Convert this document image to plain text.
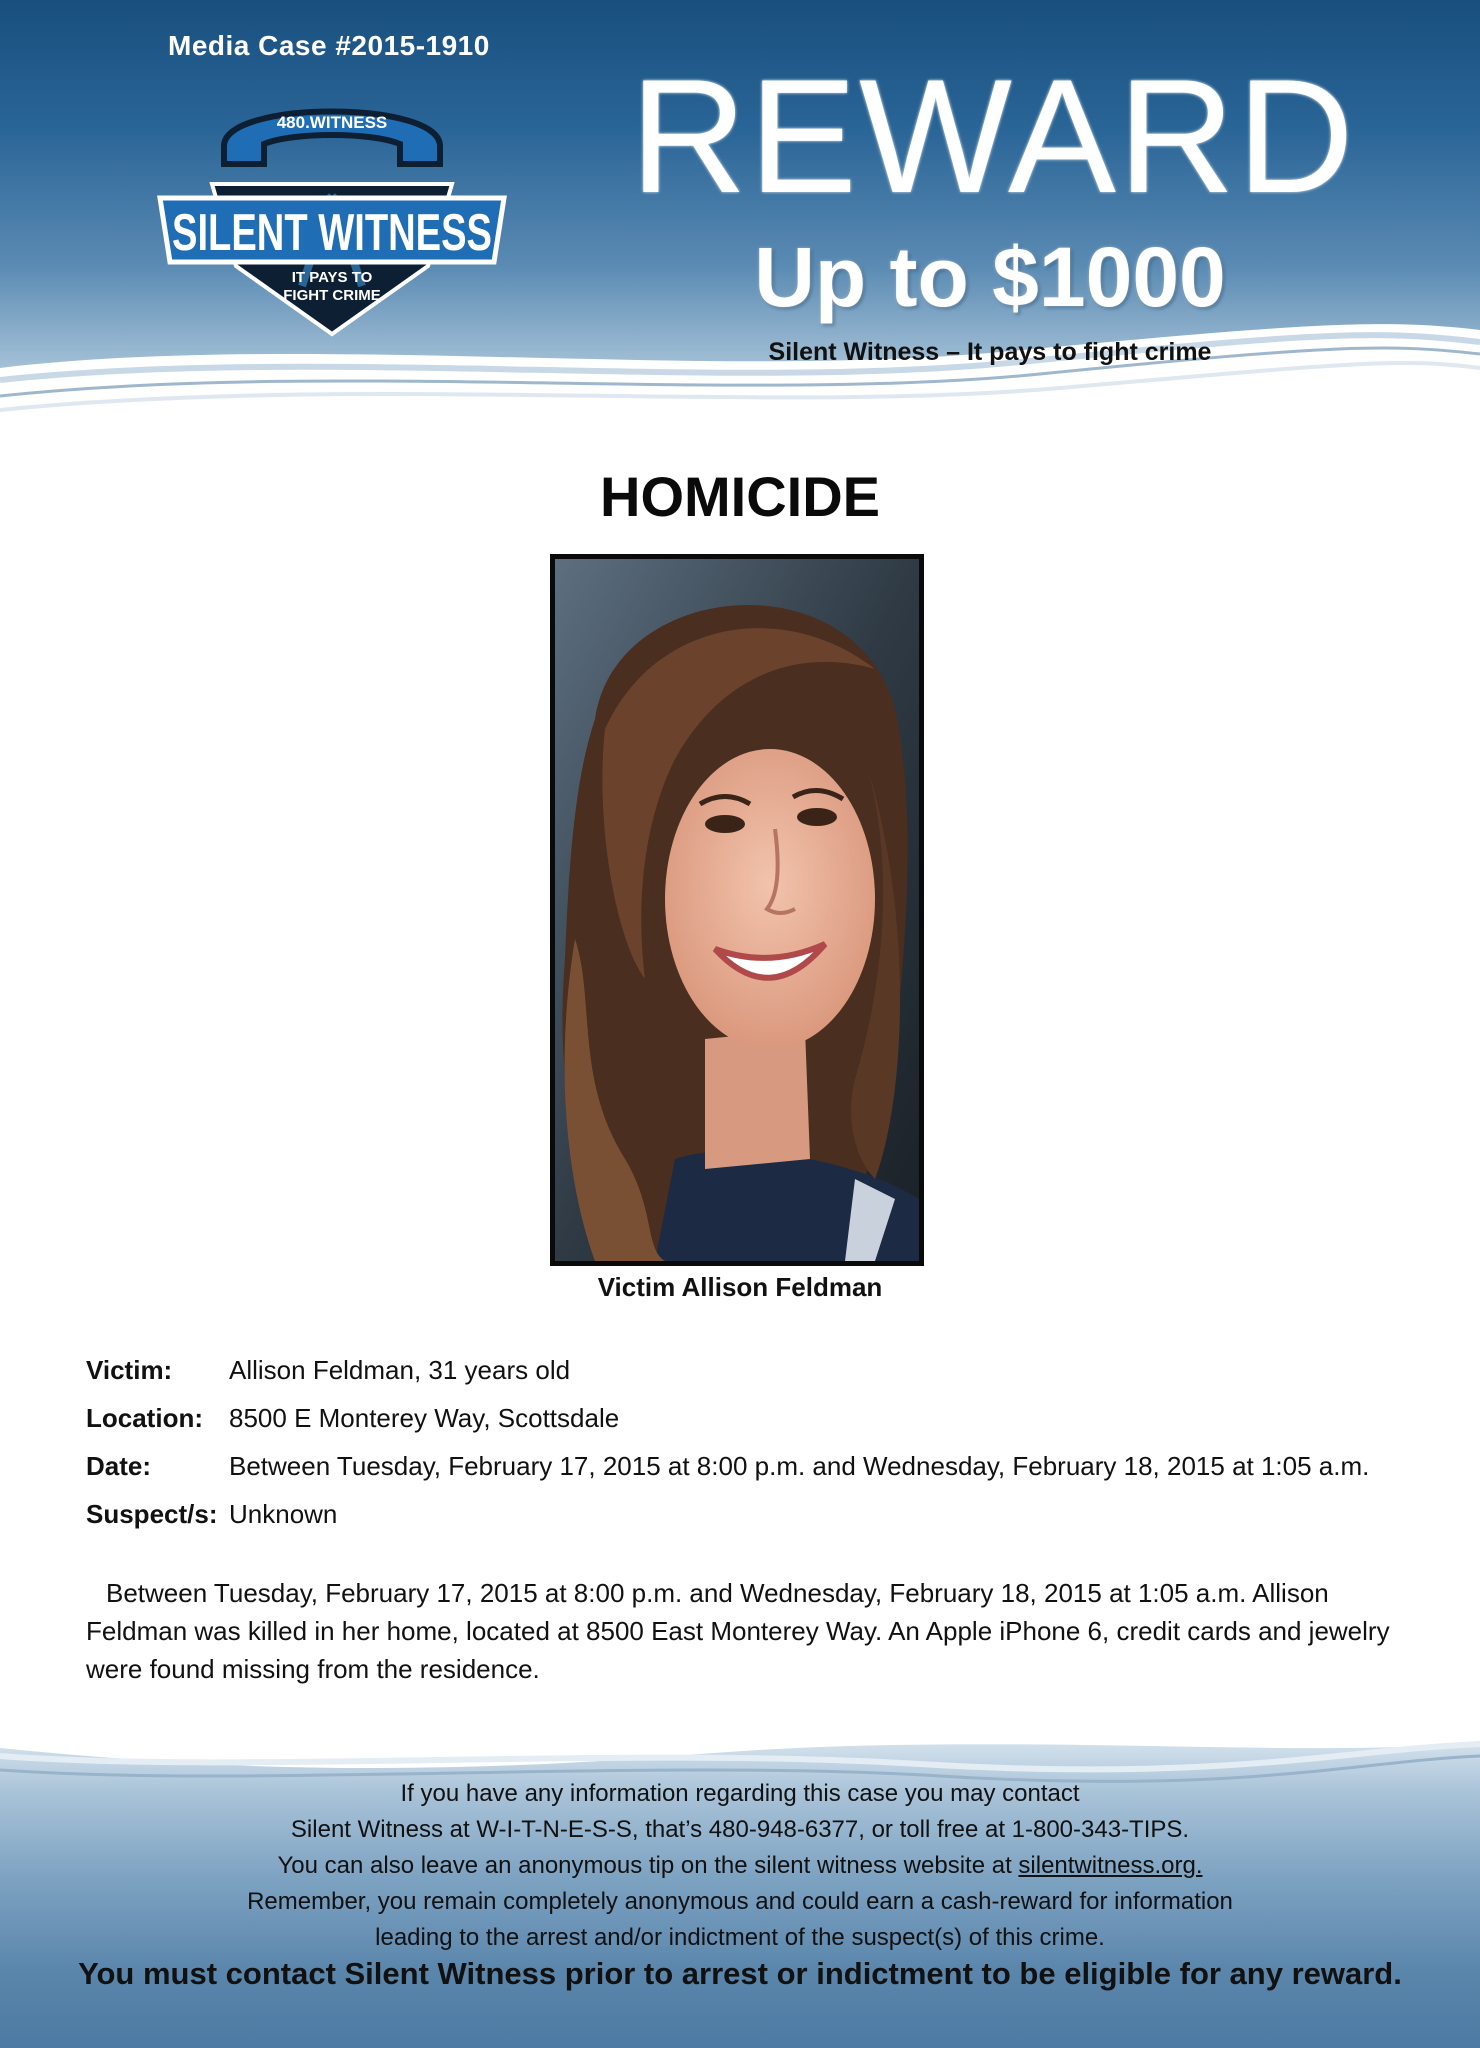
Media Case #2015-1910
480.WITNESS
SILENT WITNESS
IT PAYS TO
FIGHT CRIME
REWARD
Up to $1000
Silent Witness – It pays to fight crime
HOMICIDE
Victim Allison Feldman
Victim:	Allison Feldman, 31 years old
Location:	8500 E Monterey Way, Scottsdale
Date:	Between Tuesday, February 17, 2015 at 8:00 p.m. and Wednesday, February 18, 2015 at 1:05 a.m.
Suspect/s: Unknown
Between Tuesday, February 17, 2015 at 8:00 p.m. and Wednesday, February 18, 2015 at 1:05 a.m. Allison Feldman was killed in her home, located at 8500 East Monterey Way. An Apple iPhone 6, credit cards and jewelry were found missing from the residence.
If you have any information regarding this case you may contact
Silent Witness at W-I-T-N-E-S-S, that’s 480-948-6377, or toll free at 1-800-343-TIPS.
You can also leave an anonymous tip on the silent witness website at silentwitness.org.
Remember, you remain completely anonymous and could earn a cash-reward for information
leading to the arrest and/or indictment of the suspect(s) of this crime.
You must contact Silent Witness prior to arrest or indictment to be eligible for any reward.
